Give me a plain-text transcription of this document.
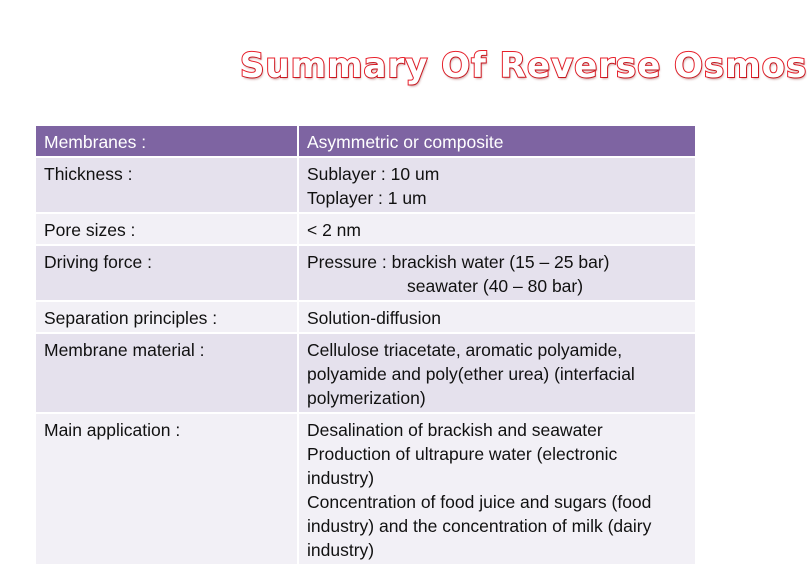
Summary Of Reverse Osmos
Membranes :	Asymmetric or composite
Thickness :	Sublayer : 10 um
Toplayer : 1 um

Pore sizes :	< 2 nm

Driving force :	Pressure : brackish water (15 – 25 bar)
seawater (40 – 80 bar)

Separation principles :	Solution-diffusion

Membrane material :	Cellulose triacetate, aromatic polyamide, polyamide and poly(ether urea) (interfacial polymerization)

Main application :	Desalination of brackish and seawater
Production of ultrapure water (electronic industry)
Concentration of food juice and sugars (food industry) and the concentration of milk (dairy industry)
